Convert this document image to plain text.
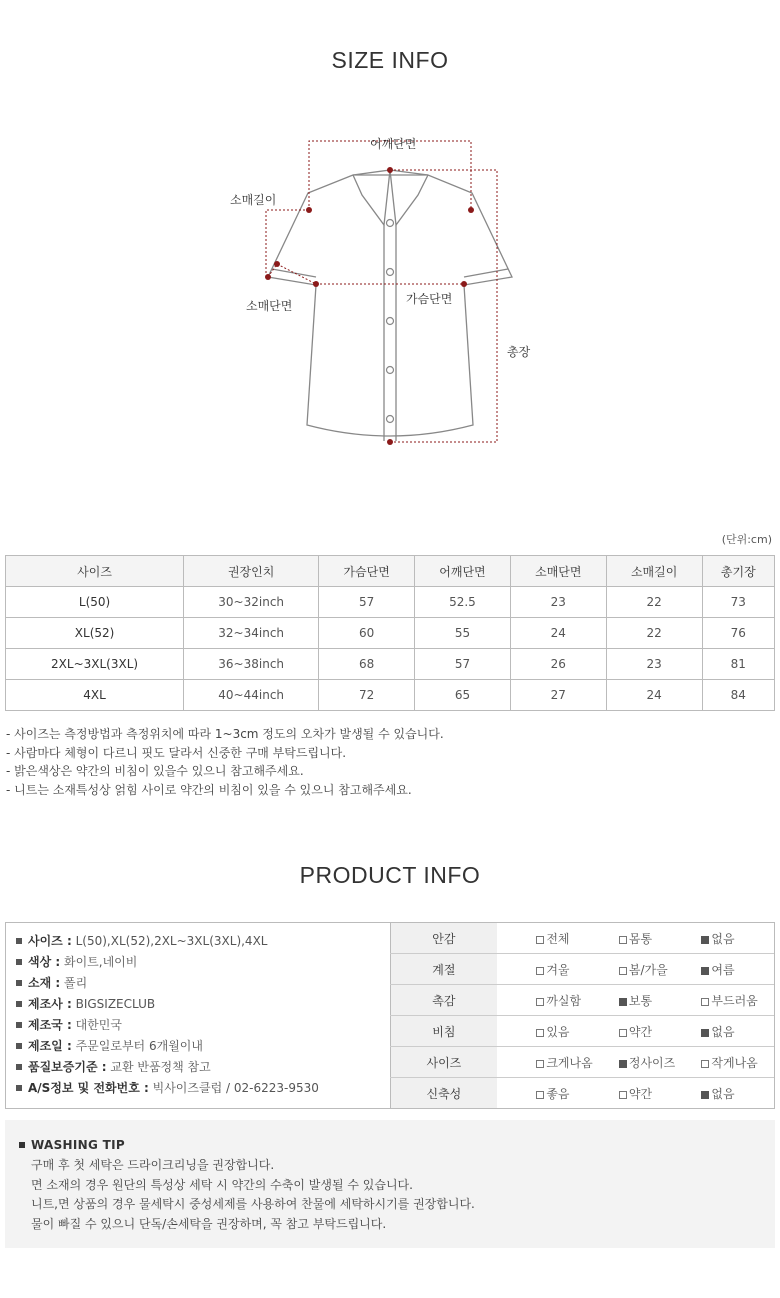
SIZE INFO
어깨단면
소매길이
소매단면	가슴단면
총장
(단위:cm)
사이즈	권장인치	가슴단면	어깨단면	소매단면	소매길이	총기장
L(50)	30~32inch	57	52.5	23	22	73
XL(52)	32~34inch	60	55	24	22	76
2XL~3XL(3XL)	36~38inch	68	57	26	23	81
4XL	40~44inch	72	65	27	24	84
- 사이즈는 측정방법과 측정위치에 따라 1~3cm 정도의 오차가 발생될 수 있습니다.
- 사람마다 체형이 다르니 핏도 달라서 신중한 구매 부탁드립니다.
- 밝은색상은 약간의 비침이 있을수 있으니 참고해주세요.
- 니트는 소재특성상 얽힘 사이로 약간의 비침이 있을 수 있으니 참고해주세요.
PRODUCT INFO
사이즈 : L(50),XL(52),2XL~3XL(3XL),4XL
색상 : 화이트,네이비
소재 : 폴리
제조사 : BIGSIZECLUB
제조국 : 대한민국
제조일 : 주문일로부터 6개월이내
품질보증기준 : 교환 반품정책 참고
A/S정보 및 전화번호 : 빅사이즈클럽 / 02-6223-9530
안감		전체	몸통	없음
계절		겨울	봄/가을	여름
촉감		까실함	보통	부드러움
비침		있음	약간	없음
사이즈		크게나옴	정사이즈	작게나옴
신축성		좋음	약간	없음
WASHING TIP
구매 후 첫 세탁은 드라이크리닝을 권장합니다.
면 소재의 경우 원단의 특성상 세탁 시 약간의 수축이 발생될 수 있습니다.
니트,면 상품의 경우 물세탁시 중성세제를 사용하여 찬물에 세탁하시기를 권장합니다.
물이 빠질 수 있으니 단독/손세탁을 권장하며, 꼭 참고 부탁드립니다.
